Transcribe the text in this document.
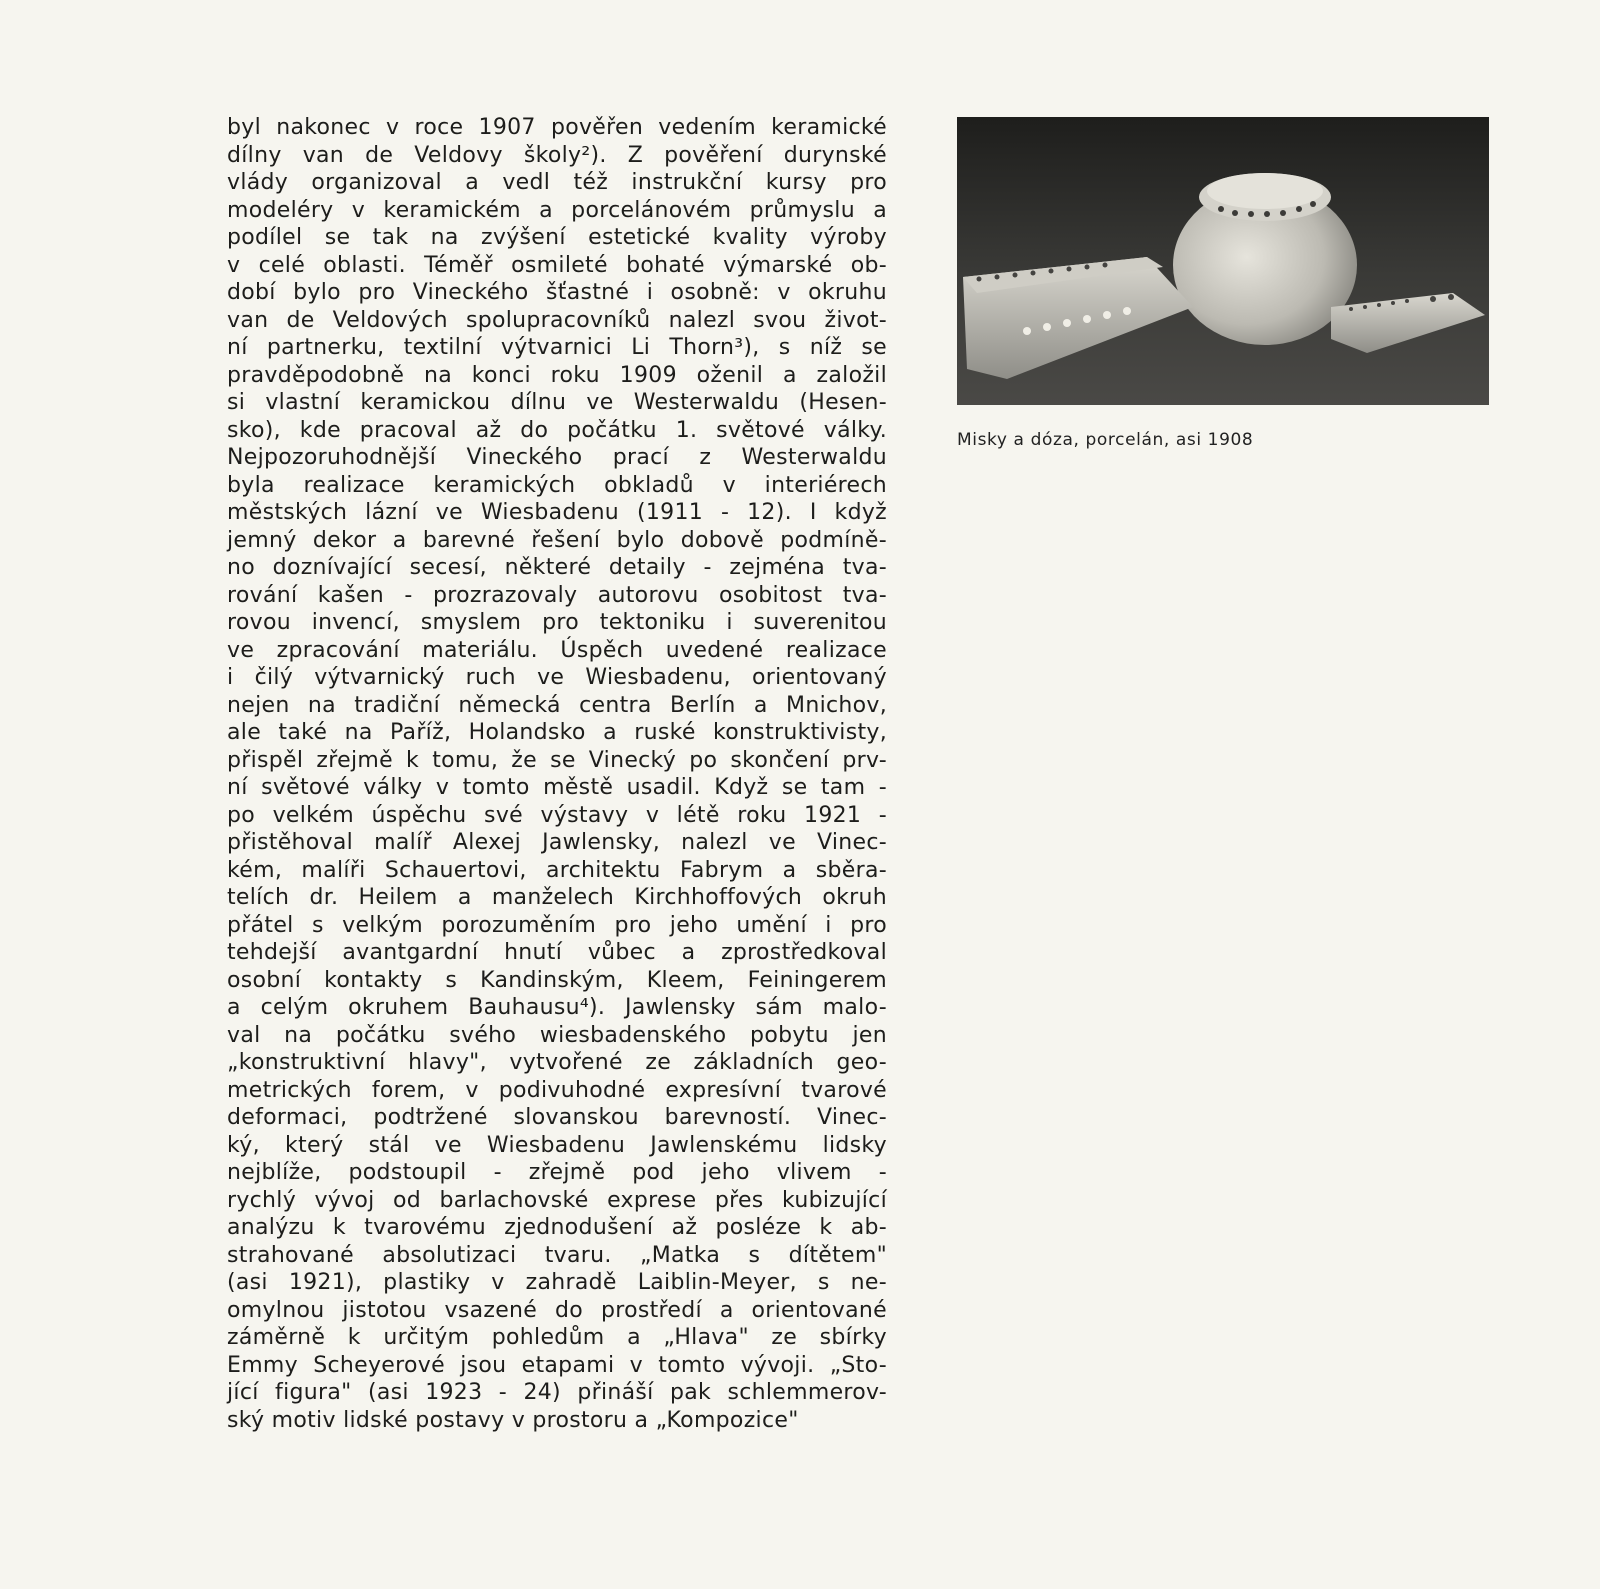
byl nakonec v roce 1907 pověřen vedením keramické
dílny van de Veldovy školy²). Z pověření durynské
vlády organizoval a vedl též instrukční kursy pro
modeléry v keramickém a porcelánovém průmyslu a
podílel se tak na zvýšení estetické kvality výroby
v celé oblasti. Téměř osmileté bohaté výmarské ob-
dobí bylo pro Vineckého šťastné i osobně: v okruhu
van de Veldových spolupracovníků nalezl svou život-
ní partnerku, textilní výtvarnici Li Thorn³), s níž se
pravděpodobně na konci roku 1909 oženil a založil
si vlastní keramickou dílnu ve Westerwaldu (Hesen-
sko), kde pracoval až do počátku 1. světové války.
Nejpozoruhodnější Vineckého prací z Westerwaldu
byla realizace keramických obkladů v interiérech
městských lázní ve Wiesbadenu (1911 - 12). I když
jemný dekor a barevné řešení bylo dobově podmíně-
no doznívající secesí, některé detaily - zejména tva-
rování kašen - prozrazovaly autorovu osobitost tva-
rovou invencí, smyslem pro tektoniku i suverenitou
ve zpracování materiálu. Úspěch uvedené realizace
i čilý výtvarnický ruch ve Wiesbadenu, orientovaný
nejen na tradiční německá centra Berlín a Mnichov,
ale také na Paříž, Holandsko a ruské konstruktivisty,
přispěl zřejmě k tomu, že se Vinecký po skončení prv-
ní světové války v tomto městě usadil. Když se tam -
po velkém úspěchu své výstavy v létě roku 1921 -
přistěhoval malíř Alexej Jawlensky, nalezl ve Vinec-
kém, malíři Schauertovi, architektu Fabrym a sběra-
telích dr. Heilem a manželech Kirchhoffových okruh
přátel s velkým porozuměním pro jeho umění i pro
tehdejší avantgardní hnutí vůbec a zprostředkoval
osobní kontakty s Kandinským, Kleem, Feiningerem
a celým okruhem Bauhausu⁴). Jawlensky sám malo-
val na počátku svého wiesbadenského pobytu jen
„konstruktivní hlavy", vytvořené ze základních geo-
metrických forem, v podivuhodné expresívní tvarové
deformaci, podtržené slovanskou barevností. Vinec-
ký, který stál ve Wiesbadenu Jawlenskému lidsky
nejblíže, podstoupil - zřejmě pod jeho vlivem -
rychlý vývoj od barlachovské exprese přes kubizující
analýzu k tvarovému zjednodušení až posléze k ab-
strahované absolutizaci tvaru. „Matka s dítětem"
(asi 1921), plastiky v zahradě Laiblin-Meyer, s ne-
omylnou jistotou vsazené do prostředí a orientované
záměrně k určitým pohledům a „Hlava" ze sbírky
Emmy Scheyerové jsou etapami v tomto vývoji. „Sto-
jící figura" (asi 1923 - 24) přináší pak schlemmerov-
ský motiv lidské postavy v prostoru a „Kompozice"
Misky a dóza, porcelán, asi 1908
